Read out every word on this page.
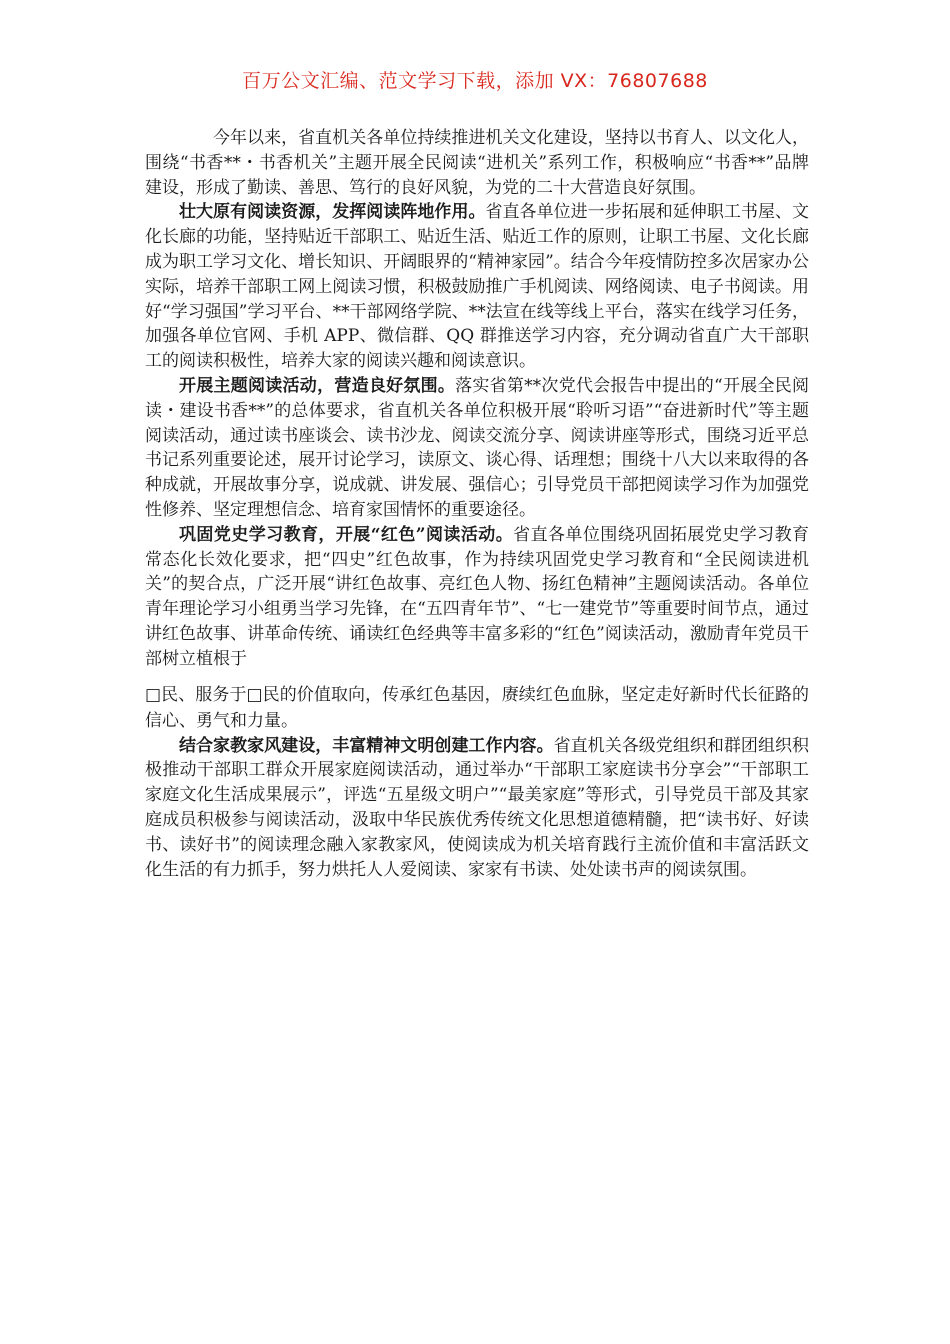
百万公文汇编、范文学习下载，添加 VX：76807688

今年以来，省直机关各单位持续推进机关文化建设，坚持以书育人、以文化人，围绕“书香**・书香机关”主题开展全民阅读“进机关”系列工作，积极响应“书香**”品牌建设，形成了勤读、善思、笃行的良好风貌，为党的二十大营造良好氛围。

壮大原有阅读资源，发挥阅读阵地作用。省直各单位进一步拓展和延伸职工书屋、文化长廊的功能，坚持贴近干部职工、贴近生活、贴近工作的原则，让职工书屋、文化长廊成为职工学习文化、增长知识、开阔眼界的“精神家园”。结合今年疫情防控多次居家办公实际，培养干部职工网上阅读习惯，积极鼓励推广手机阅读、网络阅读、电子书阅读。用好“学习强国”学习平台、**干部网络学院、**法宣在线等线上平台，落实在线学习任务，加强各单位官网、手机 APP、微信群、QQ 群推送学习内容，充分调动省直广大干部职工的阅读积极性，培养大家的阅读兴趣和阅读意识。

开展主题阅读活动，营造良好氛围。落实省第**次党代会报告中提出的“开展全民阅读・建设书香**”的总体要求，省直机关各单位积极开展“聆听习语”“奋进新时代”等主题阅读活动，通过读书座谈会、读书沙龙、阅读交流分享、阅读讲座等形式，围绕习近平总书记系列重要论述，展开讨论学习，读原文、谈心得、话理想；围绕十八大以来取得的各种成就，开展故事分享，说成就、讲发展、强信心；引导党员干部把阅读学习作为加强党性修养、坚定理想信念、培育家国情怀的重要途径。

巩固党史学习教育，开展“红色”阅读活动。省直各单位围绕巩固拓展党史学习教育常态化长效化要求，把“四史”红色故事，作为持续巩固党史学习教育和“全民阅读进机关”的契合点，广泛开展“讲红色故事、亮红色人物、扬红色精神”主题阅读活动。各单位青年理论学习小组勇当学习先锋，在“五四青年节”、“七一建党节”等重要时间节点，通过讲红色故事、讲革命传统、诵读红色经典等丰富多彩的“红色”阅读活动，激励青年党员干部树立植根于

□民、服务于□民的价值取向，传承红色基因，赓续红色血脉，坚定走好新时代长征路的信心、勇气和力量。

结合家教家风建设，丰富精神文明创建工作内容。省直机关各级党组织和群团组织积极推动干部职工群众开展家庭阅读活动，通过举办“干部职工家庭读书分享会”“干部职工家庭文化生活成果展示”，评选“五星级文明户”“最美家庭”等形式，引导党员干部及其家庭成员积极参与阅读活动，汲取中华民族优秀传统文化思想道德精髓，把“读书好、好读书、读好书”的阅读理念融入家教家风，使阅读成为机关培育践行主流价值和丰富活跃文化生活的有力抓手，努力烘托人人爱阅读、家家有书读、处处读书声的阅读氛围。
